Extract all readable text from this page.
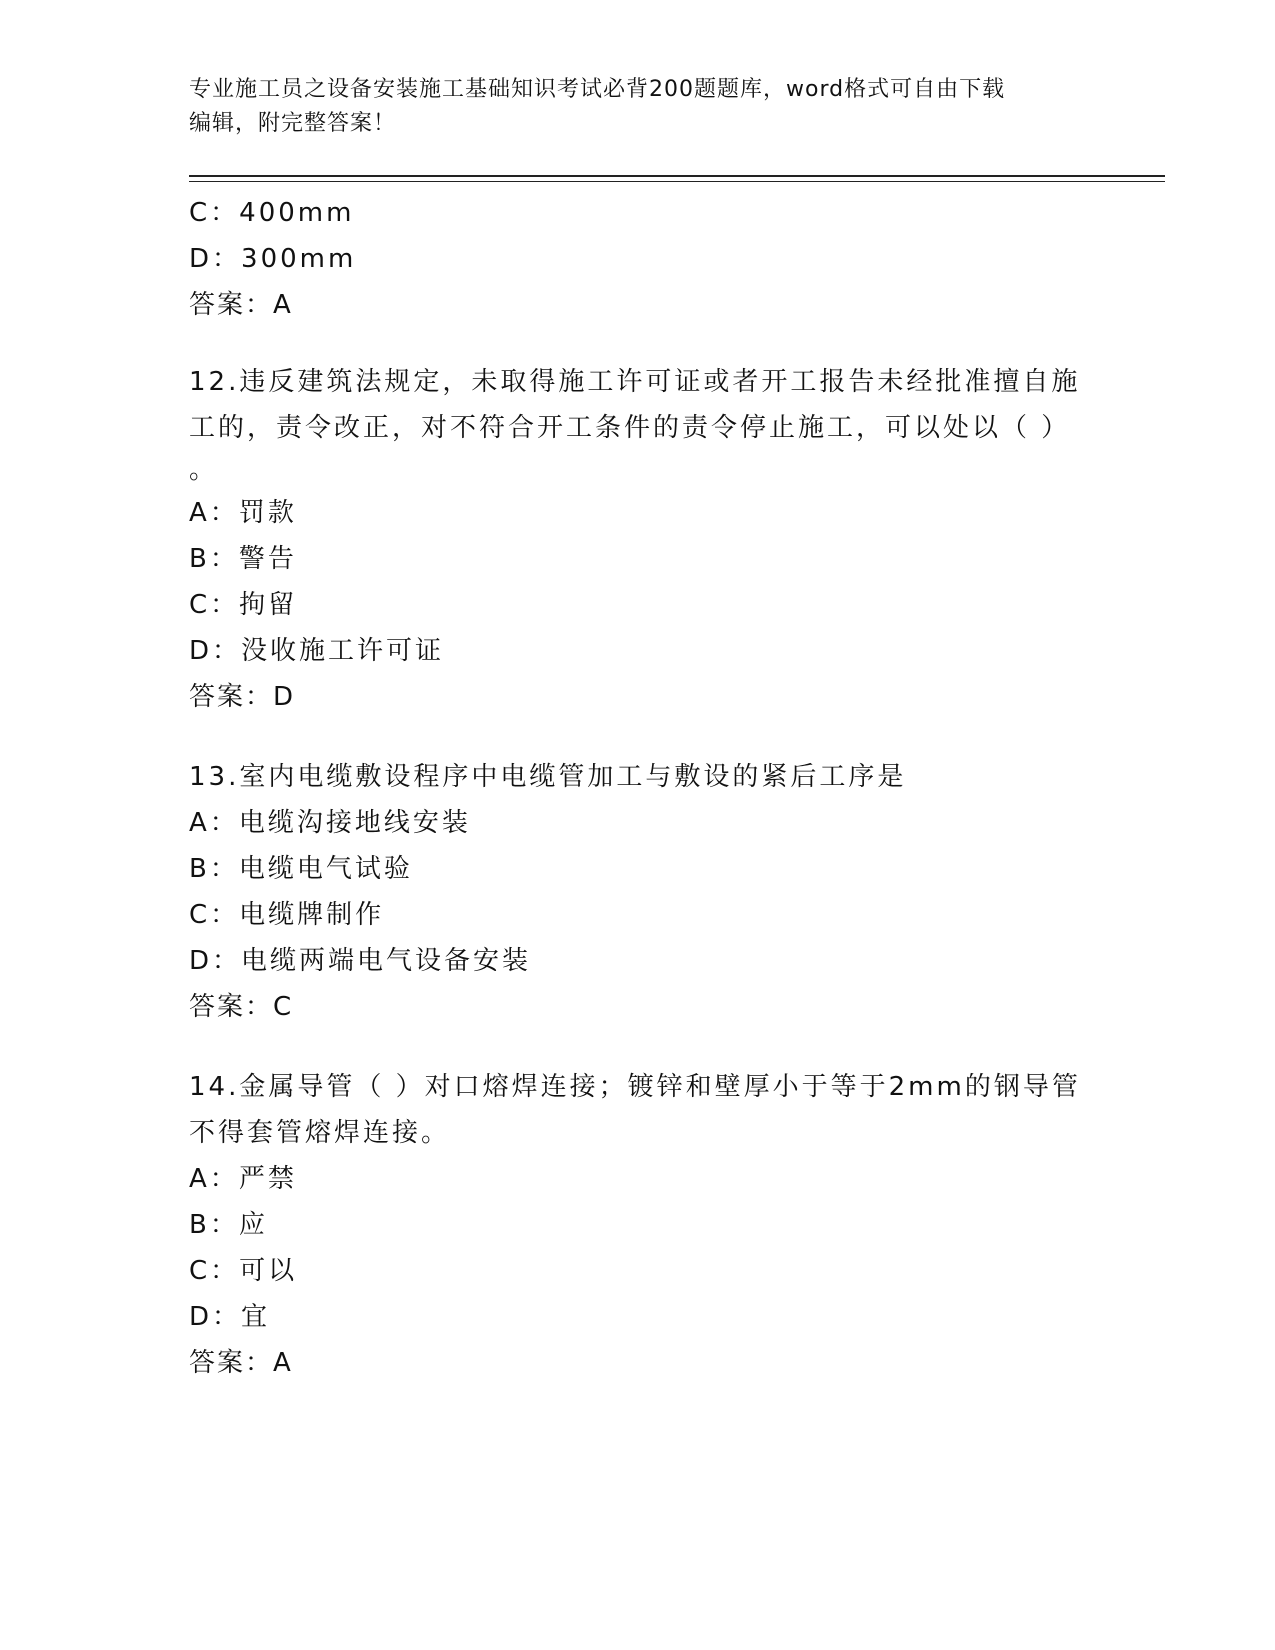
专业施工员之设备安装施工基础知识考试必背200题题库，word格式可自由下载
编辑，附完整答案！
C：400mm
D：300mm
答案：A
12.违反建筑法规定，未取得施工许可证或者开工报告未经批准擅自施
工的，责令改正，对不符合开工条件的责令停止施工，可以处以（ ）
。
A：罚款
B：警告
C：拘留
D：没收施工许可证
答案：D
13.室内电缆敷设程序中电缆管加工与敷设的紧后工序是
A：电缆沟接地线安装
B：电缆电气试验
C：电缆牌制作
D：电缆两端电气设备安装
答案：C
14.金属导管（ ）对口熔焊连接；镀锌和壁厚小于等于2mm的钢导管
不得套管熔焊连接。
A：严禁
B：应
C：可以
D：宜
答案：A
